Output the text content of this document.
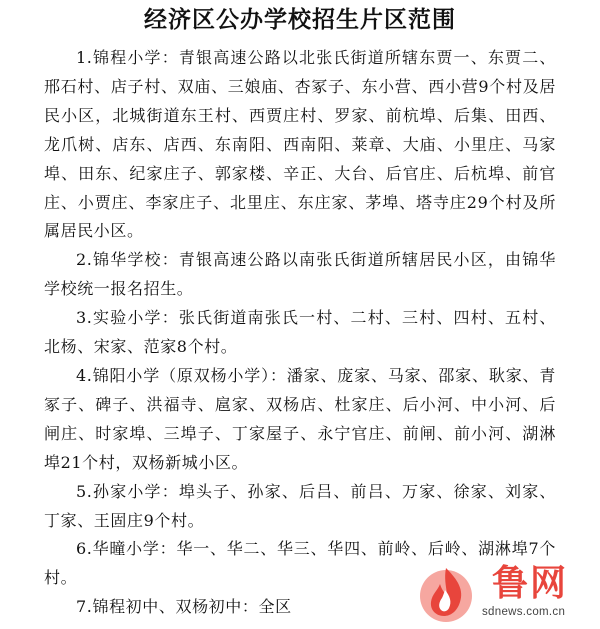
经济区公办学校招生片区范围

1.锦程小学：青银高速公路以北张氏街道所辖东贾一、东贾二、邢石村、店子村、双庙、三娘庙、杏冢子、东小营、西小营9个村及居民小区，北城街道东王村、西贾庄村、罗家、前杭埠、后集、田西、龙爪树、店东、店西、东南阳、西南阳、莱章、大庙、小里庄、马家埠、田东、纪家庄子、郭家楼、辛正、大台、后官庄、后杭埠、前官庄、小贾庄、李家庄子、北里庄、东庄家、茅埠、塔寺庄29个村及所属居民小区。

2.锦华学校：青银高速公路以南张氏街道所辖居民小区，由锦华学校统一报名招生。

3.实验小学：张氏街道南张氏一村、二村、三村、四村、五村、北杨、宋家、范家8个村。

4.锦阳小学（原双杨小学）：潘家、庞家、马家、邵家、耿家、青冢子、碑子、洪福寺、扈家、双杨店、杜家庄、后小河、中小河、后闸庄、时家埠、三埠子、丁家屋子、永宁官庄、前闸、前小河、湖淋埠21个村，双杨新城小区。

5.孙家小学：埠头子、孙家、后吕、前吕、万家、徐家、刘家、丁家、王固庄9个村。

6.华曈小学：华一、华二、华三、华四、前岭、后岭、湖淋埠7个村。

7.锦程初中、双杨初中：全区

鲁网
sdnews.com.cn
